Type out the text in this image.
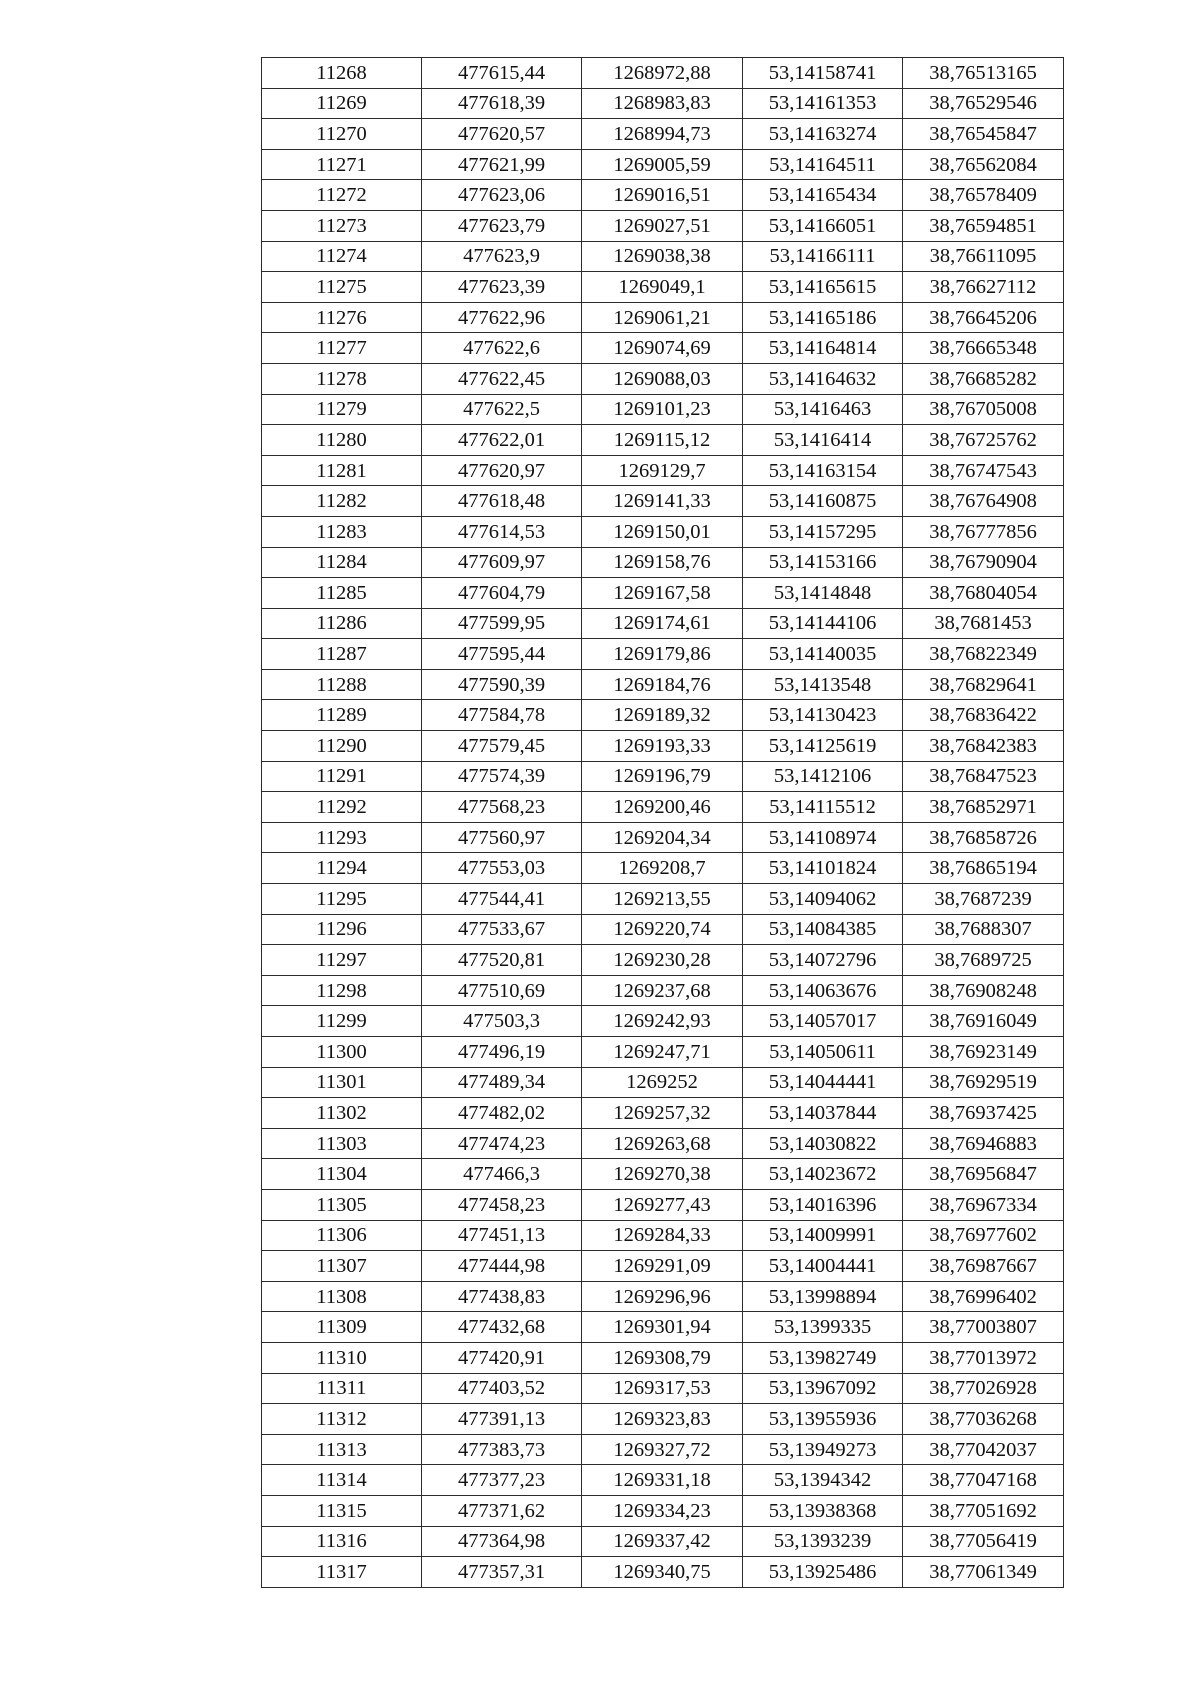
11268	477615,44	1268972,88	53,14158741	38,76513165
11269	477618,39	1268983,83	53,14161353	38,76529546
11270	477620,57	1268994,73	53,14163274	38,76545847
11271	477621,99	1269005,59	53,14164511	38,76562084
11272	477623,06	1269016,51	53,14165434	38,76578409
11273	477623,79	1269027,51	53,14166051	38,76594851
11274	477623,9	1269038,38	53,14166111	38,76611095
11275	477623,39	1269049,1	53,14165615	38,76627112
11276	477622,96	1269061,21	53,14165186	38,76645206
11277	477622,6	1269074,69	53,14164814	38,76665348
11278	477622,45	1269088,03	53,14164632	38,76685282
11279	477622,5	1269101,23	53,1416463	38,76705008
11280	477622,01	1269115,12	53,1416414	38,76725762
11281	477620,97	1269129,7	53,14163154	38,76747543
11282	477618,48	1269141,33	53,14160875	38,76764908
11283	477614,53	1269150,01	53,14157295	38,76777856
11284	477609,97	1269158,76	53,14153166	38,76790904
11285	477604,79	1269167,58	53,1414848	38,76804054
11286	477599,95	1269174,61	53,14144106	38,7681453
11287	477595,44	1269179,86	53,14140035	38,76822349
11288	477590,39	1269184,76	53,1413548	38,76829641
11289	477584,78	1269189,32	53,14130423	38,76836422
11290	477579,45	1269193,33	53,14125619	38,76842383
11291	477574,39	1269196,79	53,1412106	38,76847523
11292	477568,23	1269200,46	53,14115512	38,76852971
11293	477560,97	1269204,34	53,14108974	38,76858726
11294	477553,03	1269208,7	53,14101824	38,76865194
11295	477544,41	1269213,55	53,14094062	38,7687239
11296	477533,67	1269220,74	53,14084385	38,7688307
11297	477520,81	1269230,28	53,14072796	38,7689725
11298	477510,69	1269237,68	53,14063676	38,76908248
11299	477503,3	1269242,93	53,14057017	38,76916049
11300	477496,19	1269247,71	53,14050611	38,76923149
11301	477489,34	1269252	53,14044441	38,76929519
11302	477482,02	1269257,32	53,14037844	38,76937425
11303	477474,23	1269263,68	53,14030822	38,76946883
11304	477466,3	1269270,38	53,14023672	38,76956847
11305	477458,23	1269277,43	53,14016396	38,76967334
11306	477451,13	1269284,33	53,14009991	38,76977602
11307	477444,98	1269291,09	53,14004441	38,76987667
11308	477438,83	1269296,96	53,13998894	38,76996402
11309	477432,68	1269301,94	53,1399335	38,77003807
11310	477420,91	1269308,79	53,13982749	38,77013972
11311	477403,52	1269317,53	53,13967092	38,77026928
11312	477391,13	1269323,83	53,13955936	38,77036268
11313	477383,73	1269327,72	53,13949273	38,77042037
11314	477377,23	1269331,18	53,1394342	38,77047168
11315	477371,62	1269334,23	53,13938368	38,77051692
11316	477364,98	1269337,42	53,1393239	38,77056419
11317	477357,31	1269340,75	53,13925486	38,77061349
